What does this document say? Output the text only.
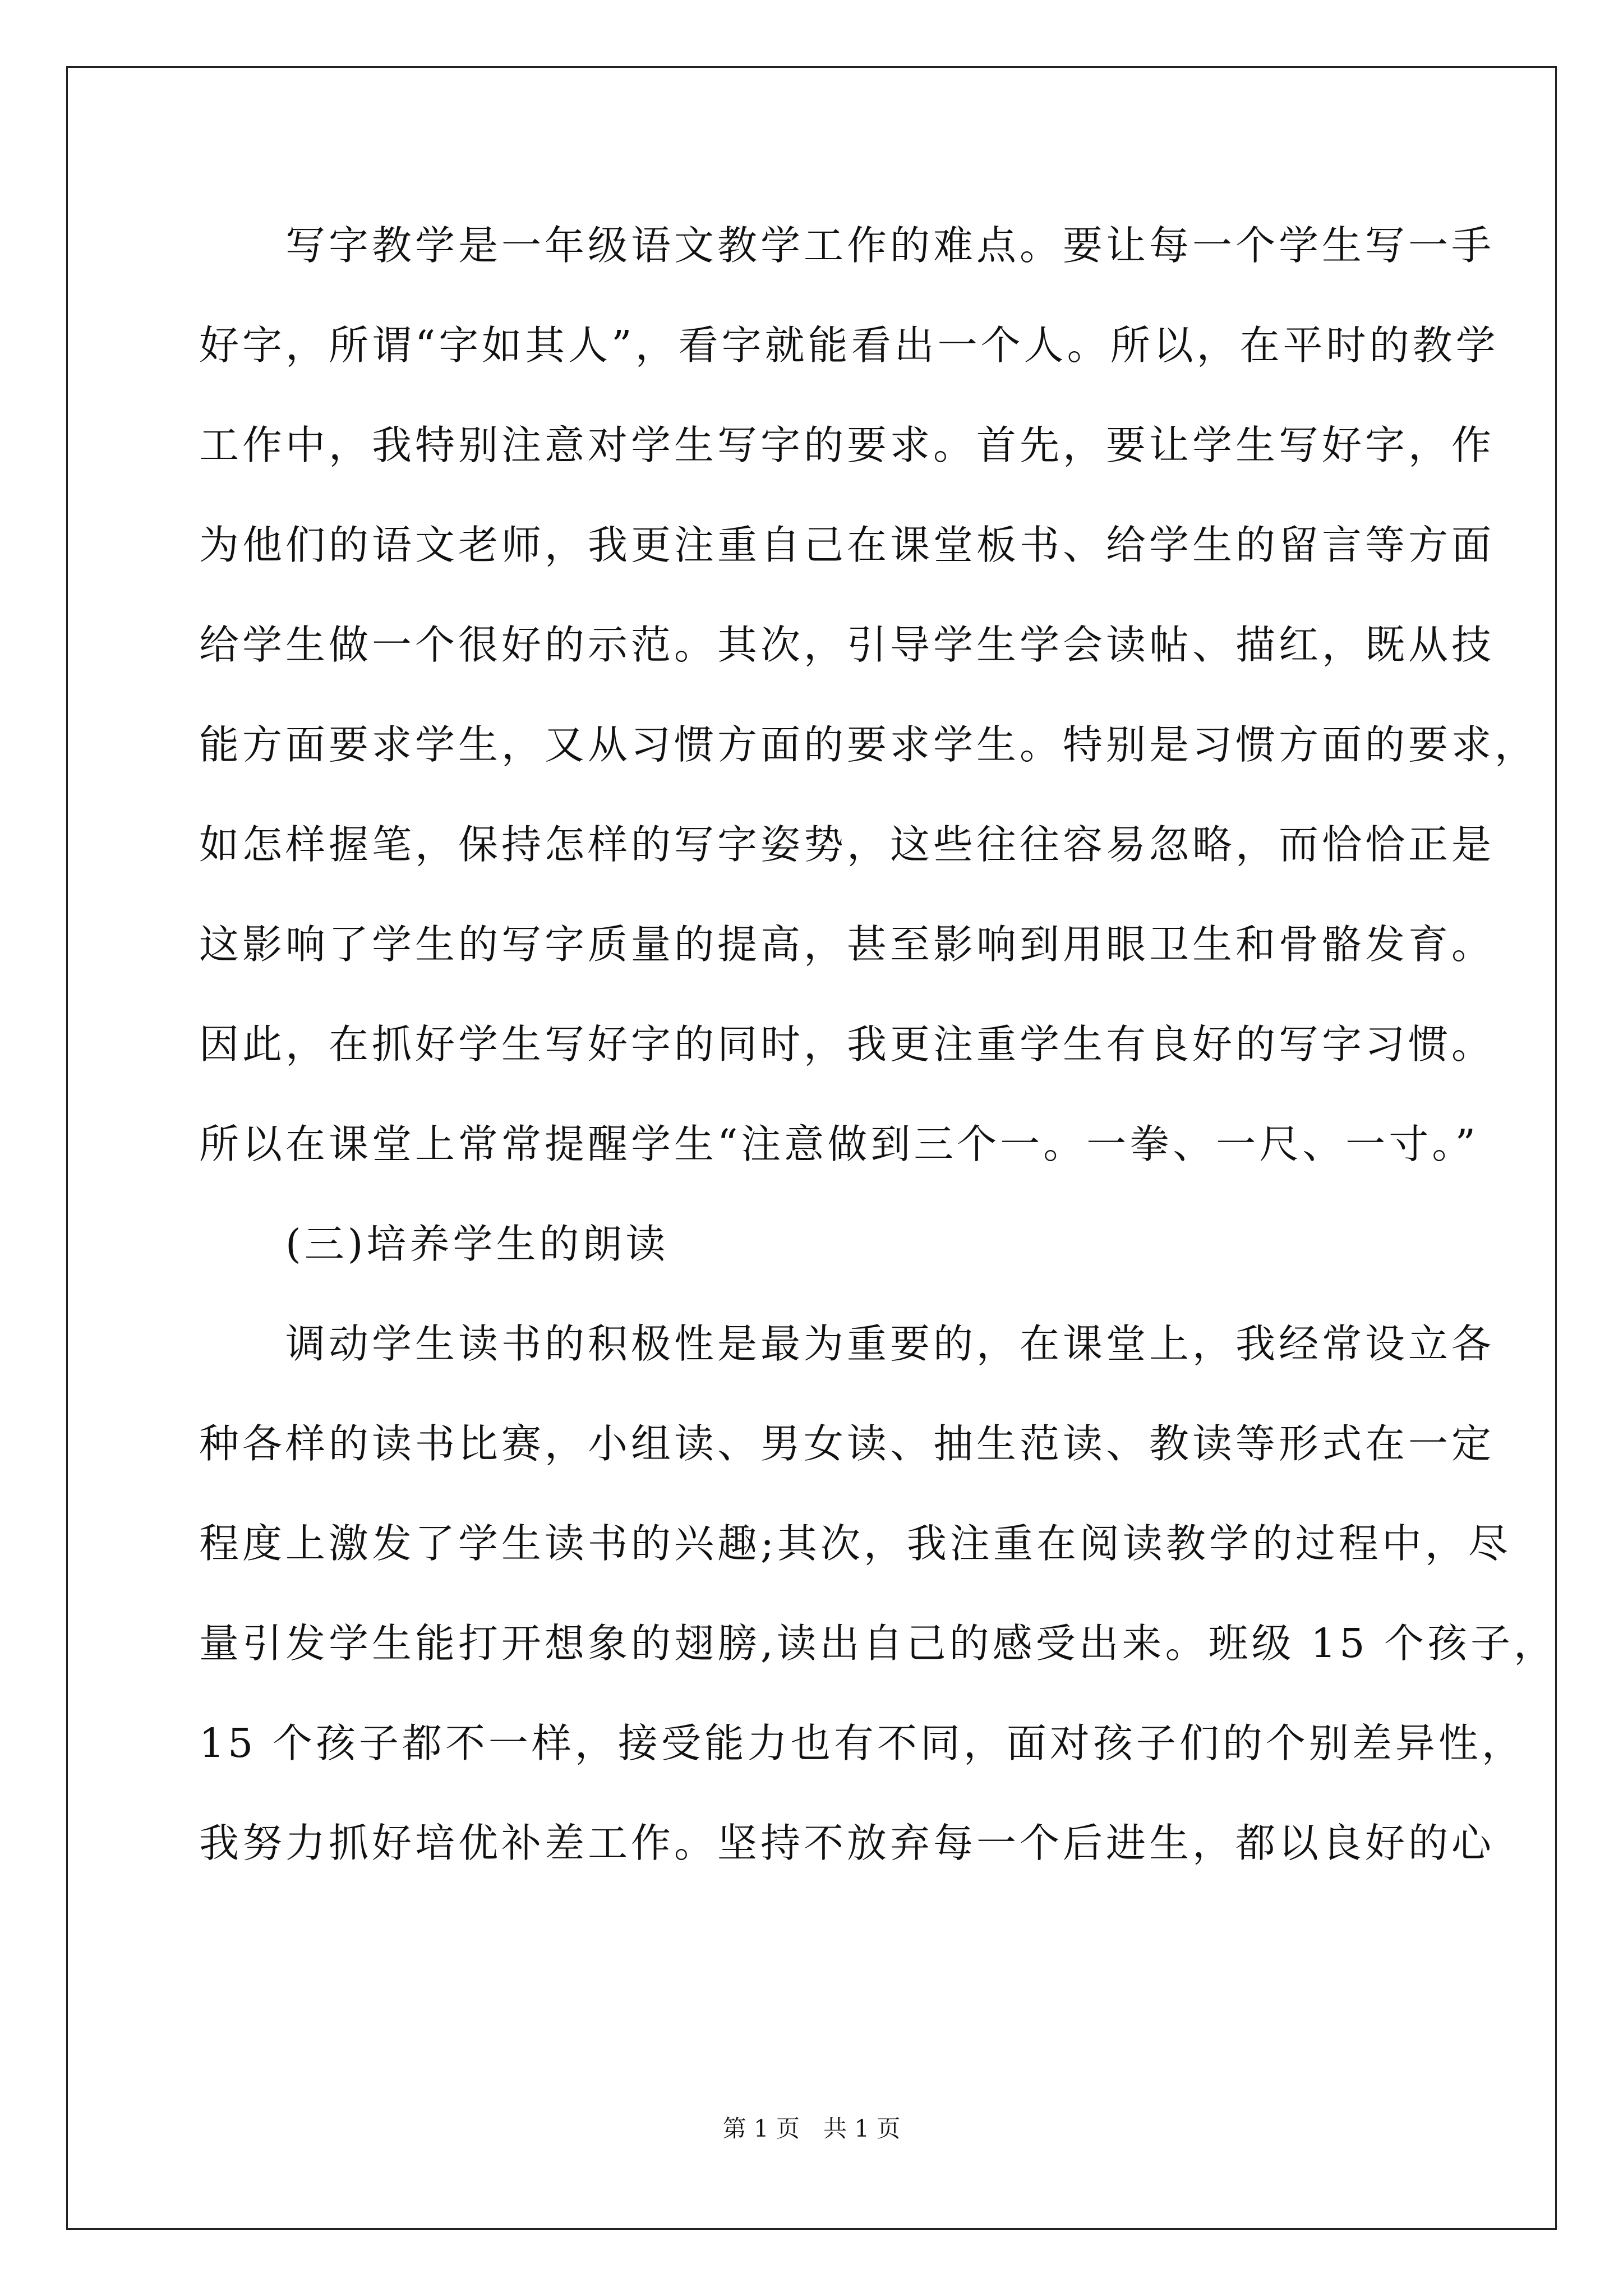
　　写字教学是一年级语文教学工作的难点。要让每一个学生写一手
好字，所谓“字如其人”，看字就能看出一个人。所以，在平时的教学
工作中，我特别注意对学生写字的要求。首先，要让学生写好字，作
为他们的语文老师，我更注重自己在课堂板书、给学生的留言等方面
给学生做一个很好的示范。其次，引导学生学会读帖、描红，既从技
能方面要求学生，又从习惯方面的要求学生。特别是习惯方面的要求，
如怎样握笔，保持怎样的写字姿势，这些往往容易忽略，而恰恰正是
这影响了学生的写字质量的提高，甚至影响到用眼卫生和骨骼发育。
因此，在抓好学生写好字的同时，我更注重学生有良好的写字习惯。
所以在课堂上常常提醒学生“注意做到三个一。一拳、一尺、一寸。”
　　(三)培养学生的朗读
　　调动学生读书的积极性是最为重要的，在课堂上，我经常设立各
种各样的读书比赛，小组读、男女读、抽生范读、教读等形式在一定
程度上激发了学生读书的兴趣;其次，我注重在阅读教学的过程中，尽
量引发学生能打开想象的翅膀,读出自己的感受出来。班级 15 个孩子，
15 个孩子都不一样，接受能力也有不同，面对孩子们的个别差异性，
我努力抓好培优补差工作。坚持不放弃每一个后进生，都以良好的心
第 1 页　共 1 页
